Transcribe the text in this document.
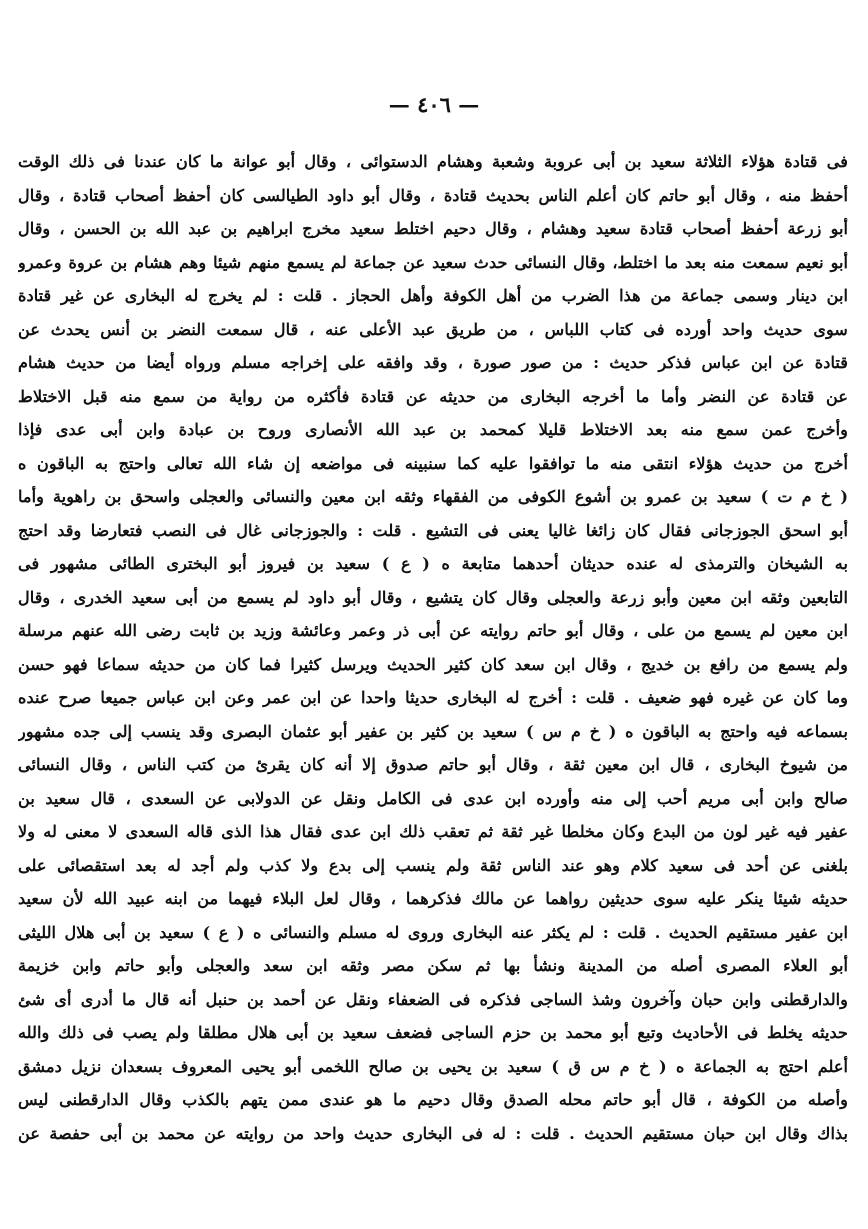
— ٤٠٦ —
فى قتادة هؤلاء الثلاثة سعيد بن أبى عروبة وشعبة وهشام الدستوائى ، وقال أبو عوانة ما كان عندنا فى ذلك الوقت
أحفظ منه ، وقال أبو حاتم كان أعلم الناس بحديث قتادة ، وقال أبو داود الطيالسى كان أحفظ أصحاب قتادة ، وقال
أبو زرعة أحفظ أصحاب قتادة سعيد وهشام ، وقال دحيم اختلط سعيد مخرج ابراهيم بن عبد الله بن الحسن ، وقال
أبو نعيم سمعت منه بعد ما اختلط، وقال النسائى حدث سعيد عن جماعة لم يسمع منهم شيئا وهم هشام بن عروة وعمرو
ابن دينار وسمى جماعة من هذا الضرب من أهل الكوفة وأهل الحجاز . قلت : لم يخرج له البخارى عن غير قتادة
سوى حديث واحد أورده فى كتاب اللباس ، من طريق عبد الأعلى عنه ، قال سمعت النضر بن أنس يحدث عن
قتادة عن ابن عباس فذكر حديث : من صور صورة ، وقد وافقه على إخراجه مسلم ورواه أيضا من حديث هشام
عن قتادة عن النضر وأما ما أخرجه البخارى من حديثه عن قتادة فأكثره من رواية من سمع منه قبل الاختلاط
وأخرج عمن سمع منه بعد الاختلاط قليلا كمحمد بن عبد الله الأنصارى وروح بن عبادة وابن أبى عدى فإذا
أخرج من حديث هؤلاء انتقى منه ما توافقوا عليه كما سنبينه فى مواضعه إن شاء الله تعالى واحتج به الباقون ه
( خ م ت ) سعيد بن عمرو بن أشوع الكوفى من الفقهاء وثقه ابن معين والنسائى والعجلى واسحق بن راهوية وأما
أبو اسحق الجوزجانى فقال كان زائغا غاليا يعنى فى التشيع . قلت : والجوزجانى غال فى النصب فتعارضا وقد احتج
به الشيخان والترمذى له عنده حديثان أحدهما متابعة ه ( ع ) سعيد بن فيروز أبو البخترى الطائى مشهور فى
التابعين وثقه ابن معين وأبو زرعة والعجلى وقال كان يتشيع ، وقال أبو داود لم يسمع من أبى سعيد الخدرى ، وقال
ابن معين لم يسمع من على ، وقال أبو حاتم روايته عن أبى ذر وعمر وعائشة وزيد بن ثابت رضى الله عنهم مرسلة
ولم يسمع من رافع بن خديج ، وقال ابن سعد كان كثير الحديث ويرسل كثيرا فما كان من حديثه سماعا فهو حسن
وما كان عن غيره فهو ضعيف . قلت : أخرج له البخارى حديثا واحدا عن ابن عمر وعن ابن عباس جميعا صرح عنده
بسماعه فيه واحتج به الباقون ه ( خ م س ) سعيد بن كثير بن عفير أبو عثمان البصرى وقد ينسب إلى جده مشهور
من شيوخ البخارى ، قال ابن معين ثقة ، وقال أبو حاتم صدوق إلا أنه كان يقرئ من كتب الناس ، وقال النسائى
صالح وابن أبى مريم أحب إلى منه وأورده ابن عدى فى الكامل ونقل عن الدولابى عن السعدى ، قال سعيد بن
عفير فيه غير لون من البدع وكان مخلطا غير ثقة ثم تعقب ذلك ابن عدى فقال هذا الذى قاله السعدى لا معنى له ولا
بلغنى عن أحد فى سعيد كلام وهو عند الناس ثقة ولم ينسب إلى بدع ولا كذب ولم أجد له بعد استقصائى على
حديثه شيئا ينكر عليه سوى حديثين رواهما عن مالك فذكرهما ، وقال لعل البلاء فيهما من ابنه عبيد الله لأن سعيد
ابن عفير مستقيم الحديث . قلت : لم يكثر عنه البخارى وروى له مسلم والنسائى ه ( ع ) سعيد بن أبى هلال الليثى
أبو العلاء المصرى أصله من المدينة ونشأ بها ثم سكن مصر وثقه ابن سعد والعجلى وأبو حاتم وابن خزيمة
والدارقطنى وابن حبان وآخرون وشذ الساجى فذكره فى الضعفاء ونقل عن أحمد بن حنبل أنه قال ما أدرى أى شئ
حديثه يخلط فى الأحاديث وتبع أبو محمد بن حزم الساجى فضعف سعيد بن أبى هلال مطلقا ولم يصب فى ذلك والله
أعلم احتج به الجماعة ه ( خ م س ق ) سعيد بن يحيى بن صالح اللخمى أبو يحيى المعروف بسعدان نزيل دمشق
وأصله من الكوفة ، قال أبو حاتم محله الصدق وقال دحيم ما هو عندى ممن يتهم بالكذب وقال الدارقطنى ليس
بذاك وقال ابن حبان مستقيم الحديث . قلت : له فى البخارى حديث واحد من روايته عن محمد بن أبى حفصة عن
